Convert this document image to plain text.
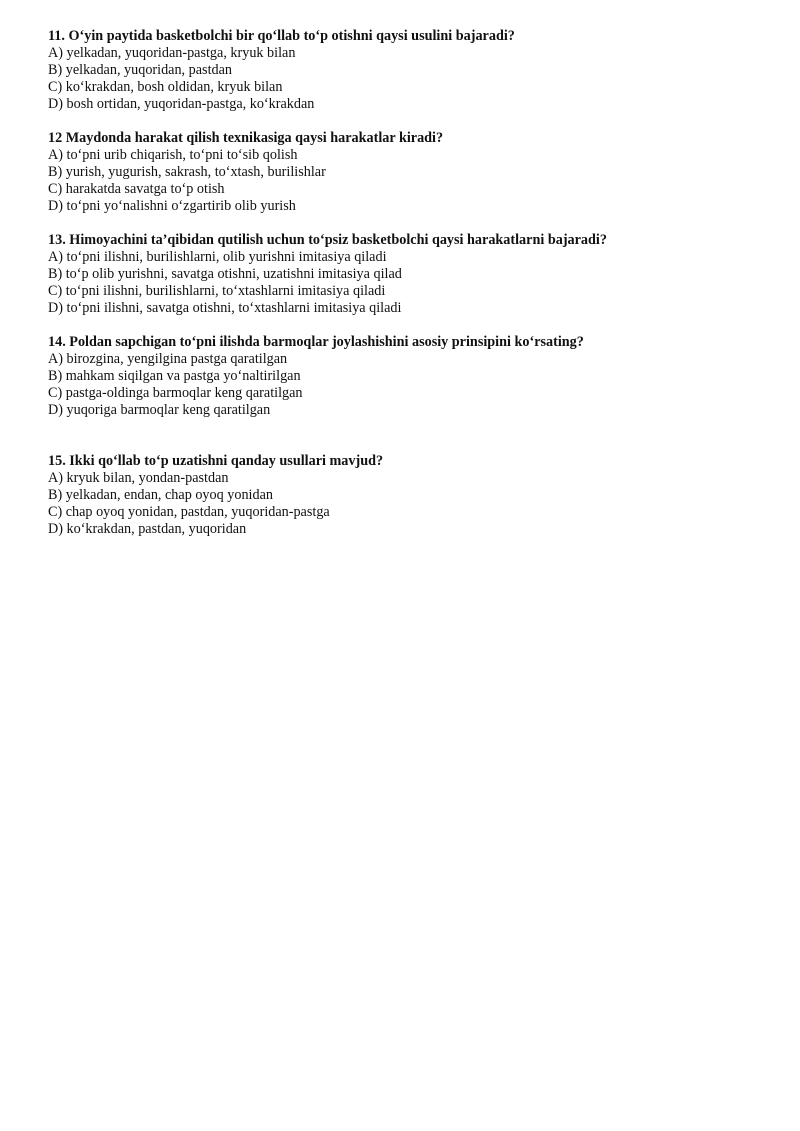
11. O‘yin paytida basketbolchi bir qo‘llab to‘p otishni qaysi usulini bajaradi?
A) yelkadan, yuqoridan-pastga, kryuk bilan
B) yelkadan, yuqoridan, pastdan
C) ko‘krakdan, bosh oldidan, kryuk bilan
D) bosh ortidan, yuqoridan-pastga, ko‘krakdan
12 Maydonda harakat qilish texnikasiga qaysi harakatlar kiradi?
A) to‘pni urib chiqarish, to‘pni to‘sib qolish
B) yurish, yugurish, sakrash, to‘xtash, burilishlar
C) harakatda savatga to‘p otish
D) to‘pni yo‘nalishni o‘zgartirib olib yurish
13. Himoyachini ta’qibidan qutilish uchun to‘psiz basketbolchi qaysi harakatlarni bajaradi?
A) to‘pni ilishni, burilishlarni, olib yurishni imitasiya qiladi
B) to‘p olib yurishni, savatga otishni, uzatishni imitasiya qilad
C) to‘pni ilishni, burilishlarni, to‘xtashlarni imitasiya qiladi
D) to‘pni ilishni, savatga otishni, to‘xtashlarni imitasiya qiladi
14. Poldan sapchigan to‘pni ilishda barmoqlar joylashishini asosiy prinsipini ko‘rsating?
A) birozgina, yengilgina pastga qaratilgan
B) mahkam siqilgan va pastga yo‘naltirilgan
C) pastga-oldinga barmoqlar keng qaratilgan
D) yuqoriga barmoqlar keng qaratilgan
15. Ikki qo‘llab to‘p uzatishni qanday usullari mavjud?
A) kryuk bilan, yondan-pastdan
B) yelkadan, endan, chap oyoq yonidan
C) chap oyoq yonidan, pastdan, yuqoridan-pastga
D) ko‘krakdan, pastdan, yuqoridan
